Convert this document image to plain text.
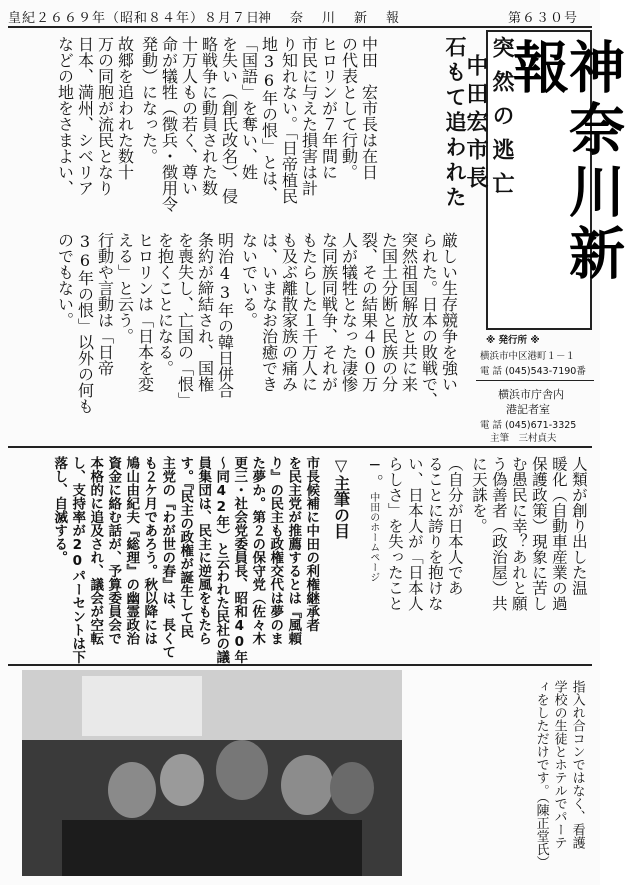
皇紀２６６９年（昭和８４年）８月７日
神　奈　川　新　報	第６３０号
神奈川新報
※ 発行所 ※
横浜市中区港町１－１
電 話 (045)543-7190番
横浜市庁舎内
港記者室
電 話 (045)671-3325
主筆　三村貞夫
石もて追われた
中田宏市長 突然の逃亡
中田　宏市長は在日
の代表として行動。
ヒロリンが７年間に
市民に与えた損害は計
り知れない。「日帝植民
地36年の恨」とは、
「国語」を奪い、姓
を失い（創氏改名）、侵
略戦争に動員された数
十万人もの若く、尊い
命が犠牲（徴兵・徴用令
発動）になった。
故郷を追われた数十
万の同胞が流民となり
日本、満州、シベリア
などの地をさまよい、
厳しい生存競争を強い
られた。日本の敗戦で、
突然祖国解放と共に来
た国土分断と民族の分
裂、その結果４００万
人が犠牲となった凄惨
な同族同戦争、それが
もたらした１千万人に
も及ぶ離散家族の痛み
は、いまなお治癒でき
ないでいる。
明治43年の韓日併合
条約が締結され、国権
を喪失し、亡国の「恨」
を抱くことになる。
ヒロリンは「日本を変
える」と云う。
行動や言動は「日帝
36年の恨」以外の何も
のでもない。
人類が創り出した温
暖化（自動車産業の過
保護政策）現象に苦し
む愚民に幸？あれと願
う偽善者（政治屋）共
に天誅を。
（自分が日本人であ
ることに誇りを抱けな
い、日本人が「日本人
らしさ」を失ったこと
─。
中田のホームページ
▽主筆の目
市長候補に中田の利権継承者
を民主党が推薦するとは『風頼
り』の民主も政権交代は夢のま
た夢か。第２の保守党（佐々木
更三・社会党委員長、昭和40年
〜同42年）と云われた民社の議
員集団は、民主に逆風をもたら
す。『民主の政権が誕生して民
主党の『わが世の春』は、長くて
も２ケ月であろう。秋以降には
鳩山由紀夫『総理』の幽霊政治
資金に絡む話が、予算委員会で
本格的に追及され、議会が空転
し、支持率が20パーセントは下
落し、自滅する。
指入れ合コンではなく、看護
学校の生徒とホテルでパーテ
ィをしただけです。（陳正堂氏）
